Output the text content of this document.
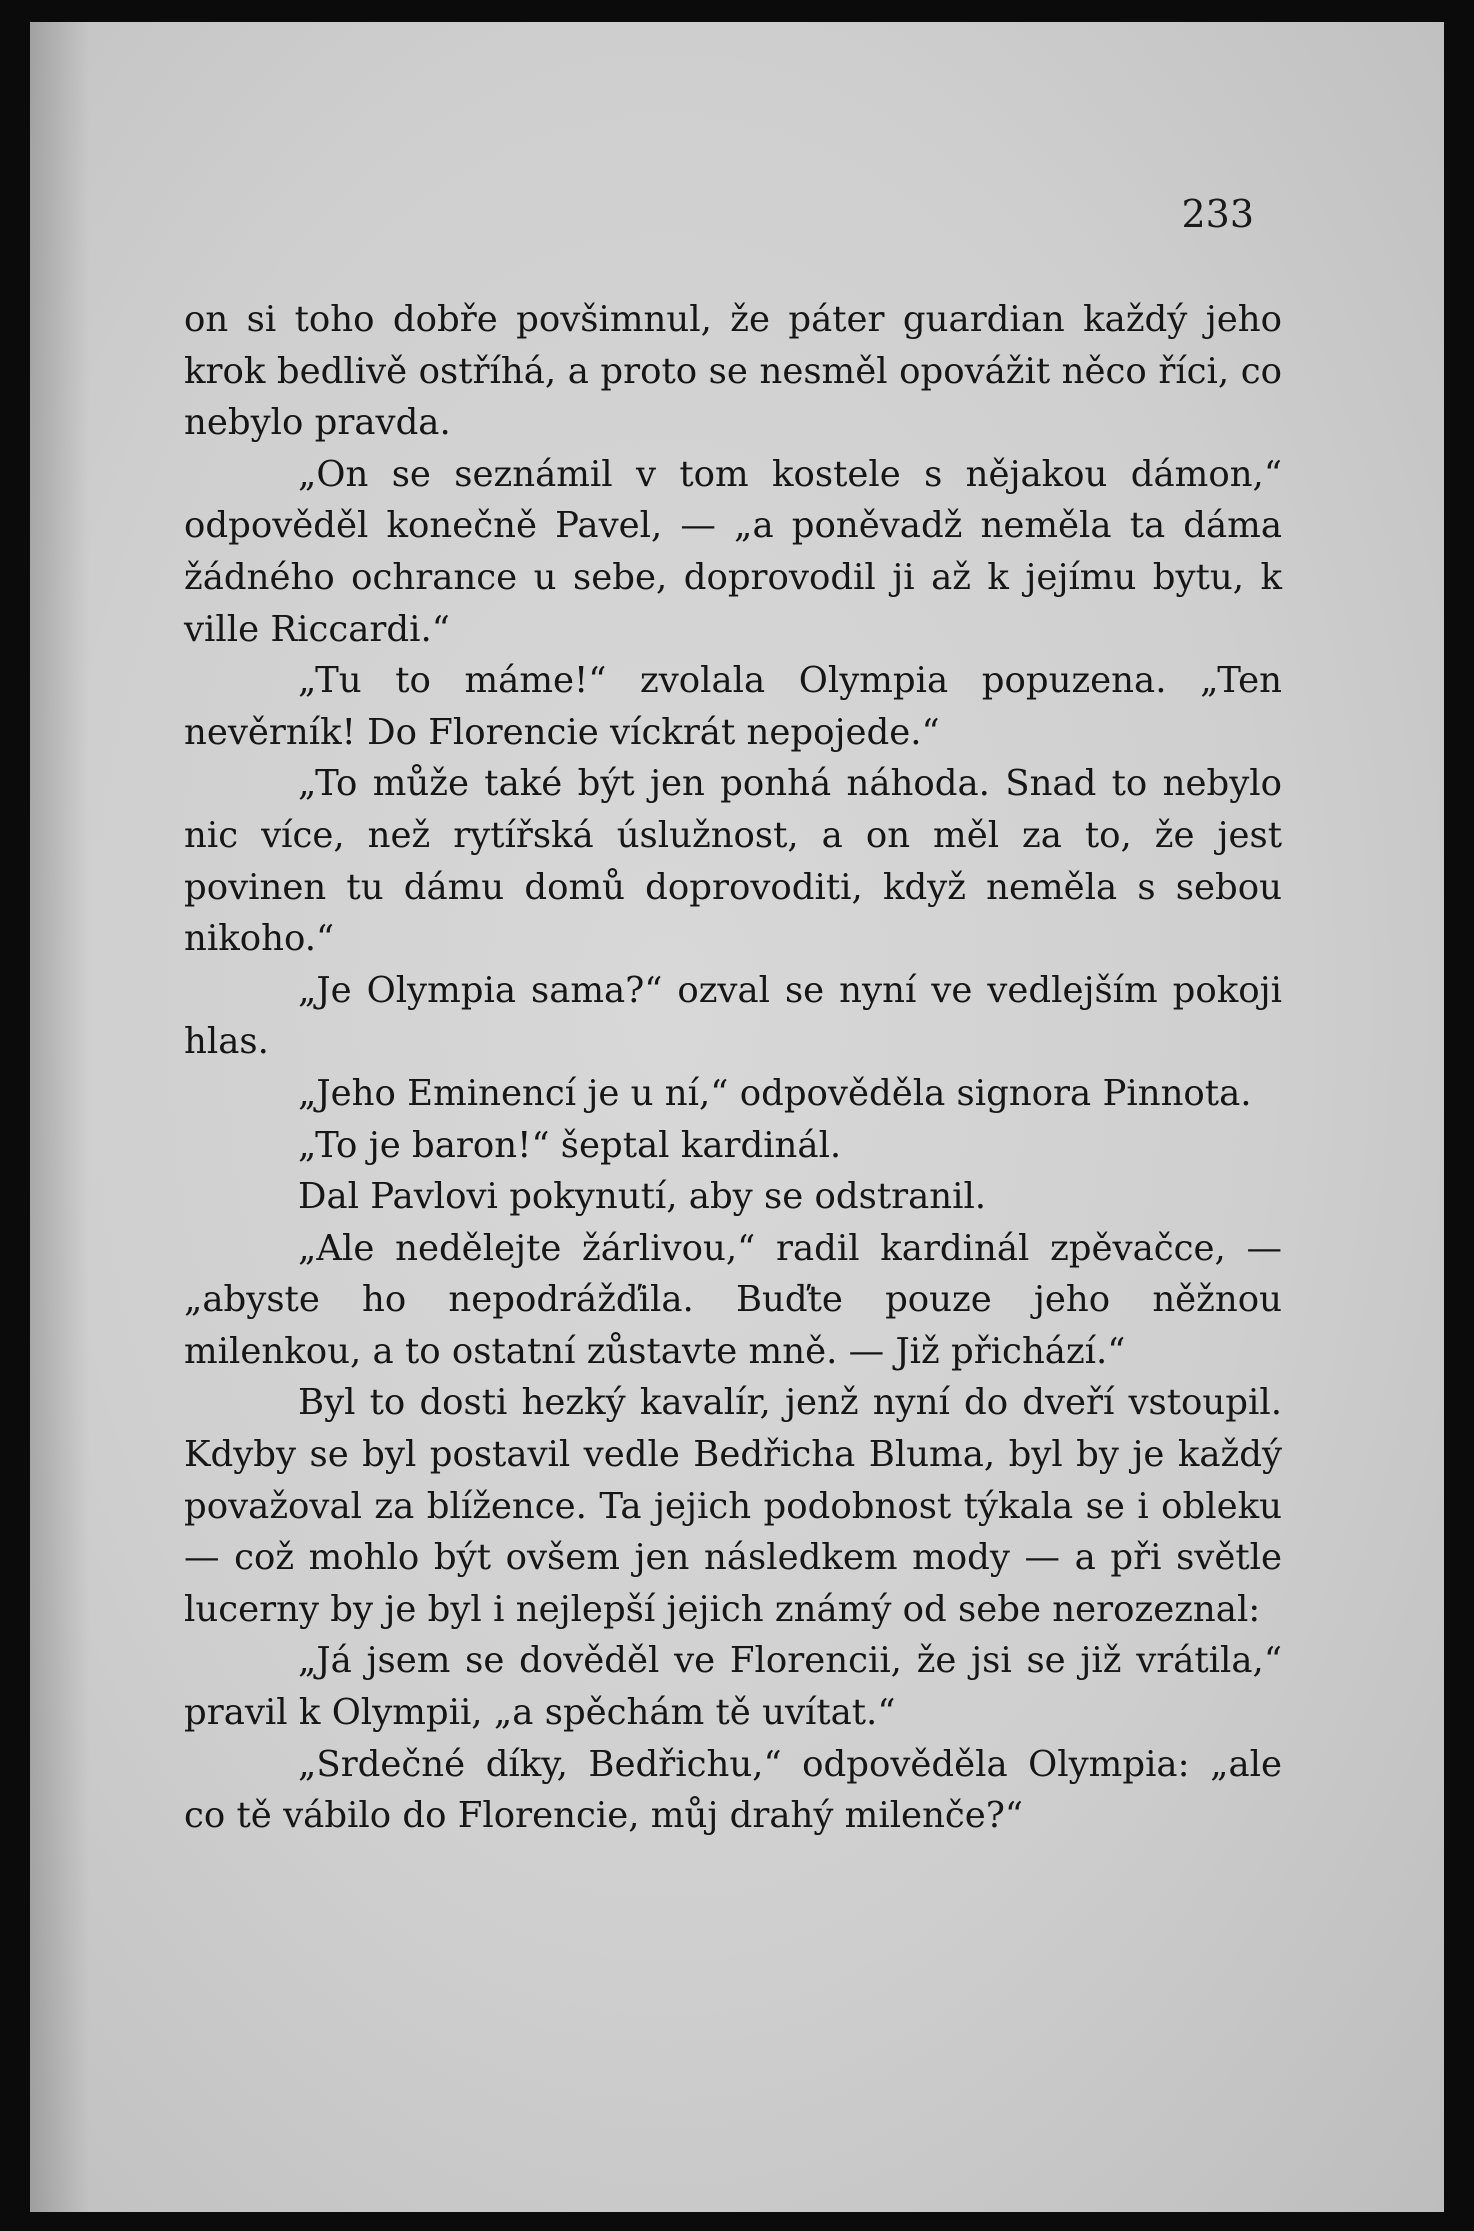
233

on si toho dobře povšimnul, že páter guardian každý jeho krok bedlivě ostříhá, a proto se nesměl opovážit něco říci, co nebylo pravda.

„On se seznámil v tom kostele s nějakou dámon,“ odpověděl konečně Pavel, — „a poněvadž neměla ta dáma žádného ochrance u sebe, doprovodil ji až k jejímu bytu, k ville Riccardi.“

„Tu to máme!“ zvolala Olympia popuzena. „Ten nevěrník! Do Florencie víckrát nepojede.“

„To může také být jen ponhá náhoda. Snad to nebylo nic více, než rytířská úslužnost, a on měl za to, že jest povinen tu dámu domů doprovoditi, když neměla s sebou nikoho.“

„Je Olympia sama?“ ozval se nyní ve vedlejším pokoji hlas.

„Jeho Eminencí je u ní,“ odpověděla signora Pinnota.

„To je baron!“ šeptal kardinál.

Dal Pavlovi pokynutí, aby se odstranil.

„Ale nedělejte žárlivou,“ radil kardinál zpěvačce, — „abyste ho nepodrážďila. Buďte pouze jeho něžnou milenkou, a to ostatní zůstavte mně. — Již přichází.“

Byl to dosti hezký kavalír, jenž nyní do dveří vstoupil. Kdyby se byl postavil vedle Bedřicha Bluma, byl by je každý považoval za blížence. Ta jejich podobnost týkala se i obleku — což mohlo být ovšem jen následkem mody — a při světle lucerny by je byl i nejlepší jejich známý od sebe nerozeznal:

„Já jsem se dověděl ve Florencii, že jsi se již vrátila,“ pravil k Olympii, „a spěchám tě uvítat.“

„Srdečné díky, Bedřichu,“ odpověděla Olympia: „ale co tě vábilo do Florencie, můj drahý milenče?“
